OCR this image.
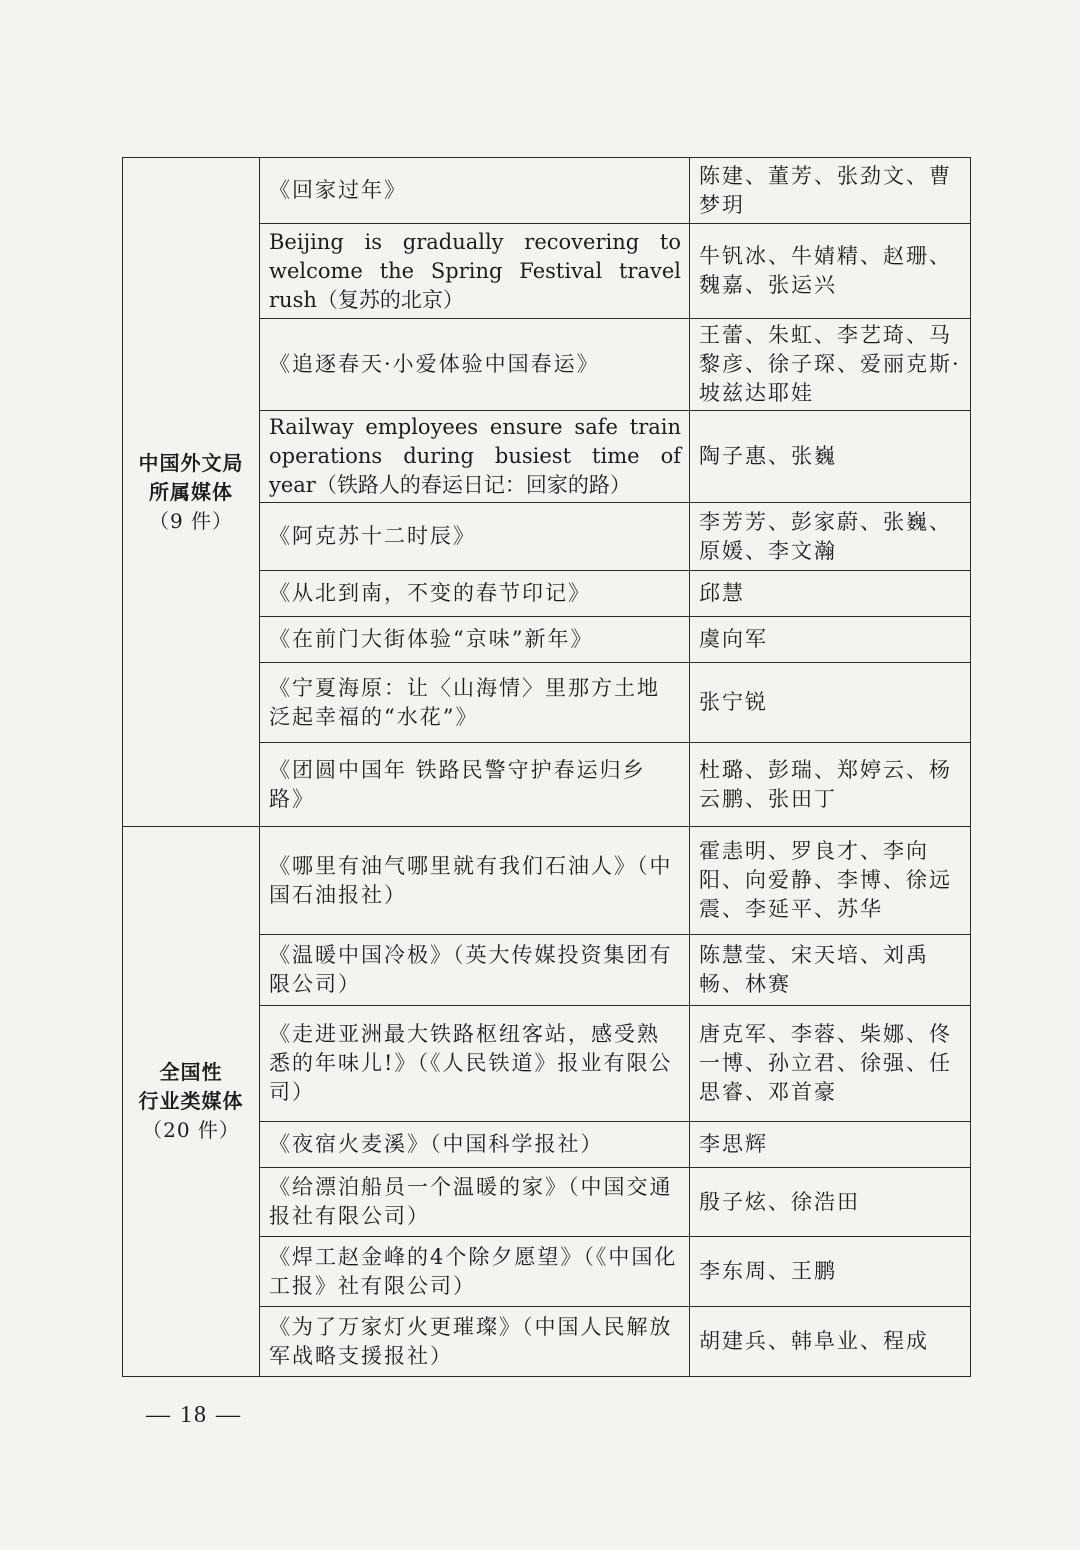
中国外文局
所属媒体
（9 件）	《回家过年》	陈建、董芳、张劲文、曹梦玥
	Beijing is gradually recovering to welcome the Spring Festival travel rush（复苏的北京）	牛钒冰、牛婧精、赵珊、魏嘉、张运兴
	《追逐春天·小爱体验中国春运》	王蕾、朱虹、李艺琦、马黎彦、徐子琛、爱丽克斯·坡兹达耶娃
	Railway employees ensure safe train operations during busiest time of year（铁路人的春运日记：回家的路）	陶子惠、张巍
	《阿克苏十二时辰》	李芳芳、彭家蔚、张巍、原媛、李文瀚
	《从北到南，不变的春节印记》	邱慧
	《在前门大街体验“京味”新年》	虞向军
	《宁夏海原：让〈山海情〉里那方土地泛起幸福的“水花”》	张宁锐
	《团圆中国年 铁路民警守护春运归乡路》	杜璐、彭瑞、郑婷云、杨云鹏、张田丁

全国性
行业类媒体
（20 件）	《哪里有油气哪里就有我们石油人》（中国石油报社）	霍恚明、罗良才、李向阳、向爱静、李博、徐远震、李延平、苏华
	《温暖中国冷极》（英大传媒投资集团有限公司）	陈慧莹、宋天培、刘禹畅、林赛
	《走进亚洲最大铁路枢纽客站，感受熟悉的年味儿!》（《人民铁道》报业有限公司）	唐克军、李蓉、柴娜、佟一博、孙立君、徐强、任思睿、邓首豪
	《夜宿火麦溪》（中国科学报社）	李思辉
	《给漂泊船员一个温暖的家》（中国交通报社有限公司）	殷子炫、徐浩田
	《焊工赵金峰的4个除夕愿望》（《中国化工报》社有限公司）	李东周、王鹏
	《为了万家灯火更璀璨》（中国人民解放军战略支援报社）	胡建兵、韩阜业、程成
— 18 —
